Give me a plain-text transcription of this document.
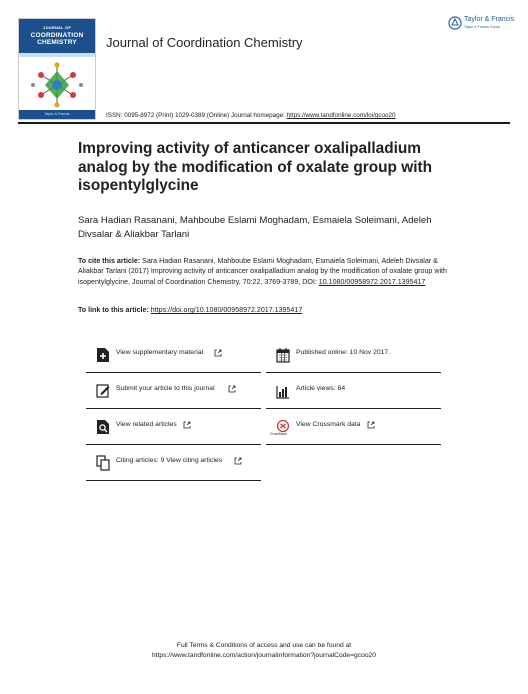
JOURNAL OF
COORDINATION
CHEMISTRY
Taylor & Francis
Journal of Coordination Chemistry
Taylor & Francis
Taylor & Francis Group
ISSN: 0095-8972 (Print) 1029-0389 (Online) Journal homepage: https://www.tandfonline.com/loi/gcoo20
Improving activity of anticancer oxalipalladium analog by the modification of oxalate group with isopentylglycine
Sara Hadian Rasanani, Mahboube Eslami Moghadam, Esmaiela Soleimani, Adeleh Divsalar & Aliakbar Tarlani
To cite this article: Sara Hadian Rasanani, Mahboube Eslami Moghadam, Esmaiela Soleimani, Adeleh Divsalar & Aliakbar Tarlani (2017) Improving activity of anticancer oxalipalladium analog by the modification of oxalate group with isopentylglycine, Journal of Coordination Chemistry, 70:22, 3769-3789, DOI: 10.1080/00958972.2017.1395417
To link to this article: https://doi.org/10.1080/00958972.2017.1395417
View supplementary material	Published online: 10 Nov 2017.
Submit your article to this journal	Article views: 84
View related articles
CrossMark
View Crossmark data
Citing articles: 9 View citing articles
Full Terms & Conditions of access and use can be found at
https://www.tandfonline.com/action/journalInformation?journalCode=gcoo20
